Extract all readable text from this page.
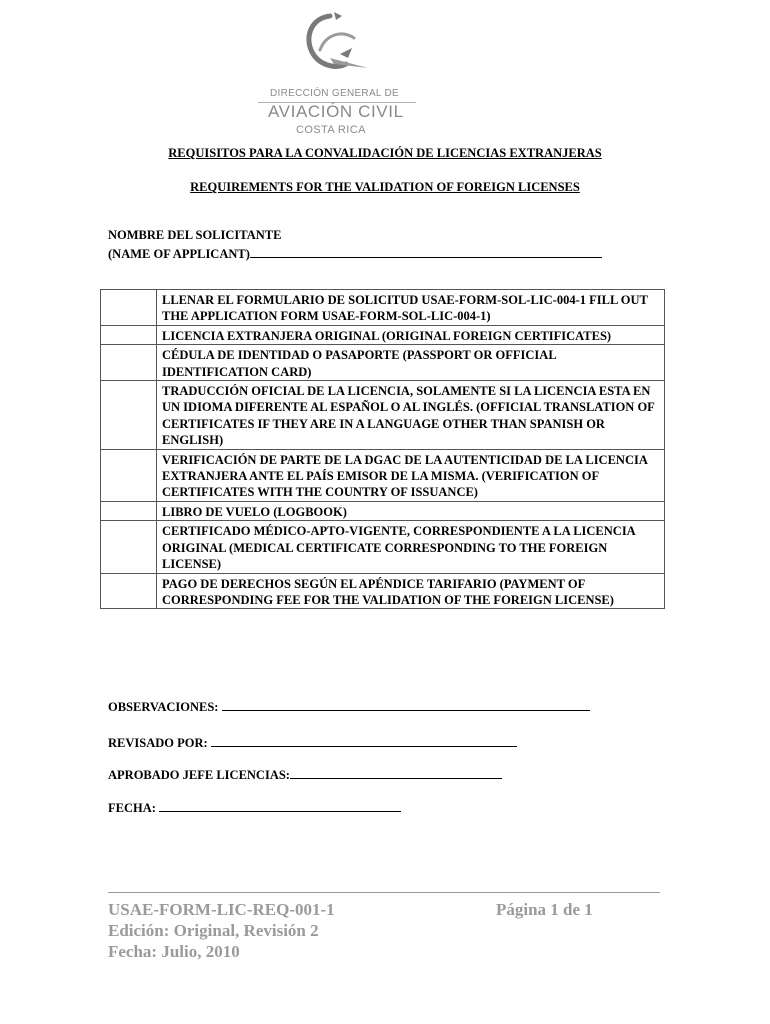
DIRECCIÓN GENERAL DE
AVIACIÓN CIVIL
COSTA RICA
REQUISITOS PARA LA CONVALIDACIÓN DE LICENCIAS EXTRANJERAS
REQUIREMENTS FOR THE VALIDATION OF FOREIGN LICENSES
NOMBRE DEL SOLICITANTE
(NAME OF APPLICANT)
	LLENAR EL FORMULARIO DE SOLICITUD USAE-FORM-SOL-LIC-004-1 FILL OUT THE APPLICATION FORM USAE-FORM-SOL-LIC-004-1)
	LICENCIA EXTRANJERA ORIGINAL (ORIGINAL FOREIGN CERTIFICATES)
	CÉDULA DE IDENTIDAD O PASAPORTE (PASSPORT OR OFFICIAL IDENTIFICATION CARD)
	TRADUCCIÓN OFICIAL DE LA LICENCIA, SOLAMENTE SI LA LICENCIA ESTA EN UN IDIOMA DIFERENTE AL ESPAÑOL O AL INGLÉS. (OFFICIAL TRANSLATION OF CERTIFICATES IF THEY ARE IN A LANGUAGE OTHER THAN SPANISH OR ENGLISH)
	VERIFICACIÓN DE PARTE DE LA DGAC DE LA AUTENTICIDAD DE LA LICENCIA EXTRANJERA ANTE EL PAÍS EMISOR DE LA MISMA. (VERIFICATION OF CERTIFICATES WITH THE COUNTRY OF ISSUANCE)
	LIBRO DE VUELO (LOGBOOK)
	CERTIFICADO MÉDICO-APTO-VIGENTE, CORRESPONDIENTE A LA LICENCIA ORIGINAL (MEDICAL CERTIFICATE CORRESPONDING TO THE FOREIGN LICENSE)
	PAGO DE DERECHOS SEGÚN EL APÉNDICE TARIFARIO (PAYMENT OF CORRESPONDING FEE FOR THE VALIDATION OF THE FOREIGN LICENSE)
OBSERVACIONES:
REVISADO POR:
APROBADO JEFE LICENCIAS:
FECHA:
USAE-FORM-LIC-REQ-001-1	Página 1 de 1
Edición: Original, Revisión 2
Fecha: Julio, 2010
